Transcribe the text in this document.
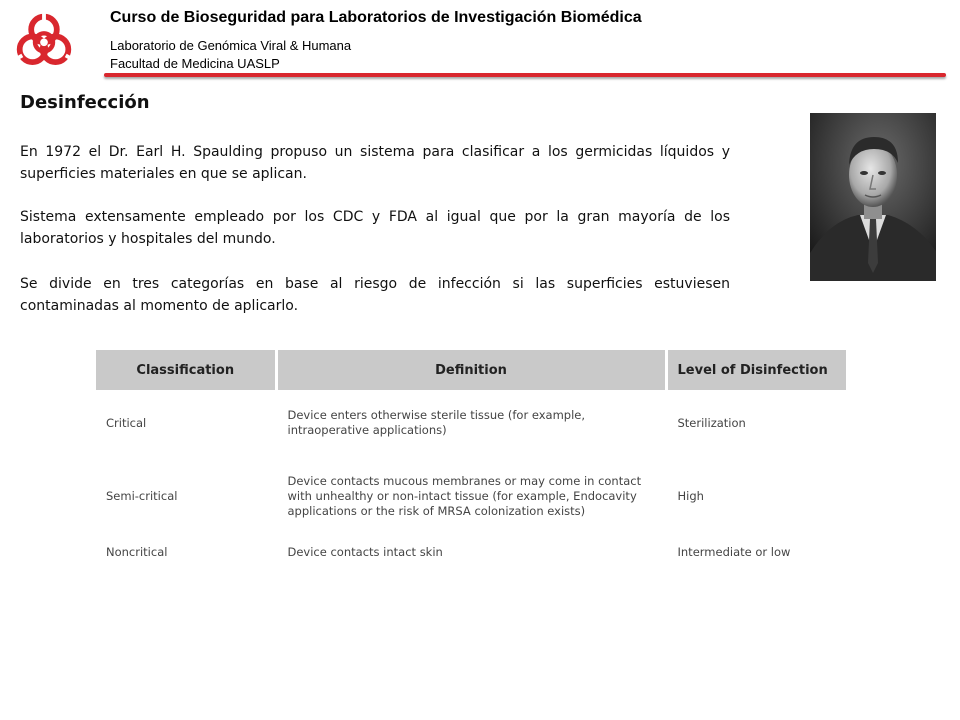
Curso de Bioseguridad para Laboratorios de Investigación Biomédica
Laboratorio de Genómica Viral & Humana
Facultad de Medicina UASLP
Desinfección
En 1972 el Dr. Earl H. Spaulding propuso un sistema para clasificar a los germicidas líquidos y superficies materiales en que se aplican.
Sistema extensamente empleado por los CDC y FDA al igual que por la gran mayoría de los laboratorios y hospitales del mundo.
Se divide en tres categorías en base al riesgo de infección si las superficies estuviesen contaminadas al momento de aplicarlo.
Classification	Definition	Level of Disinfection
Critical	Device enters otherwise sterile tissue (for example, intraoperative applications)	Sterilization
Semi-critical	Device contacts mucous membranes or may come in contact with unhealthy or non-intact tissue (for example, Endocavity applications or the risk of MRSA colonization exists)	High
Noncritical	Device contacts intact skin	Intermediate or low
